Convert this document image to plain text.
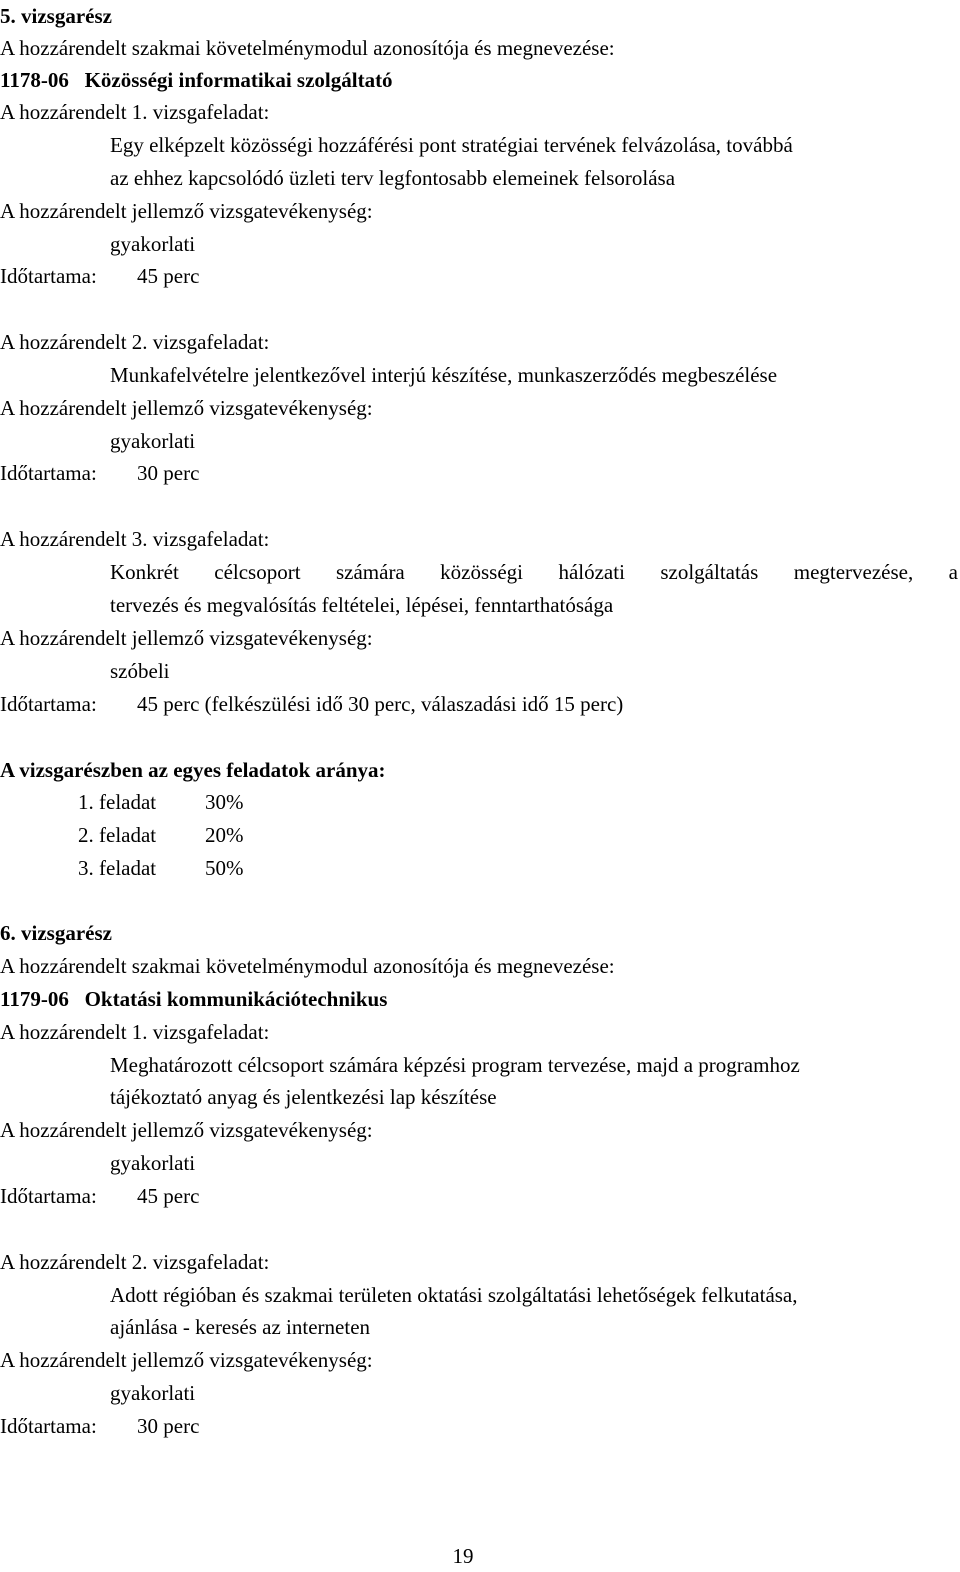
5. vizsgarész
A hozzárendelt szakmai követelménymodul azonosítója és megnevezése:
1178-06 Közösségi informatikai szolgáltató
A hozzárendelt 1. vizsgafeladat:
Egy elképzelt közösségi hozzáférési pont stratégiai tervének felvázolása, továbbá
az ehhez kapcsolódó üzleti terv legfontosabb elemeinek felsorolása
A hozzárendelt jellemző vizsgatevékenység:
gyakorlati
Időtartama: 45 perc
A hozzárendelt 2. vizsgafeladat:
Munkafelvételre jelentkezővel interjú készítése, munkaszerződés megbeszélése
A hozzárendelt jellemző vizsgatevékenység:
gyakorlati
Időtartama: 30 perc
A hozzárendelt 3. vizsgafeladat:
Konkrét célcsoport számára közösségi hálózati szolgáltatás megtervezése, a
tervezés és megvalósítás feltételei, lépései, fenntarthatósága
A hozzárendelt jellemző vizsgatevékenység:
szóbeli
Időtartama: 45 perc (felkészülési idő 30 perc, válaszadási idő 15 perc)
A vizsgarészben az egyes feladatok aránya:
1. feladat 30%
2. feladat 20%
3. feladat 50%
6. vizsgarész
A hozzárendelt szakmai követelménymodul azonosítója és megnevezése:
1179-06 Oktatási kommunikációtechnikus
A hozzárendelt 1. vizsgafeladat:
Meghatározott célcsoport számára képzési program tervezése, majd a programhoz
tájékoztató anyag és jelentkezési lap készítése
A hozzárendelt jellemző vizsgatevékenység:
gyakorlati
Időtartama: 45 perc
A hozzárendelt 2. vizsgafeladat:
Adott régióban és szakmai területen oktatási szolgáltatási lehetőségek felkutatása,
ajánlása - keresés az interneten
A hozzárendelt jellemző vizsgatevékenység:
gyakorlati
Időtartama: 30 perc
19
